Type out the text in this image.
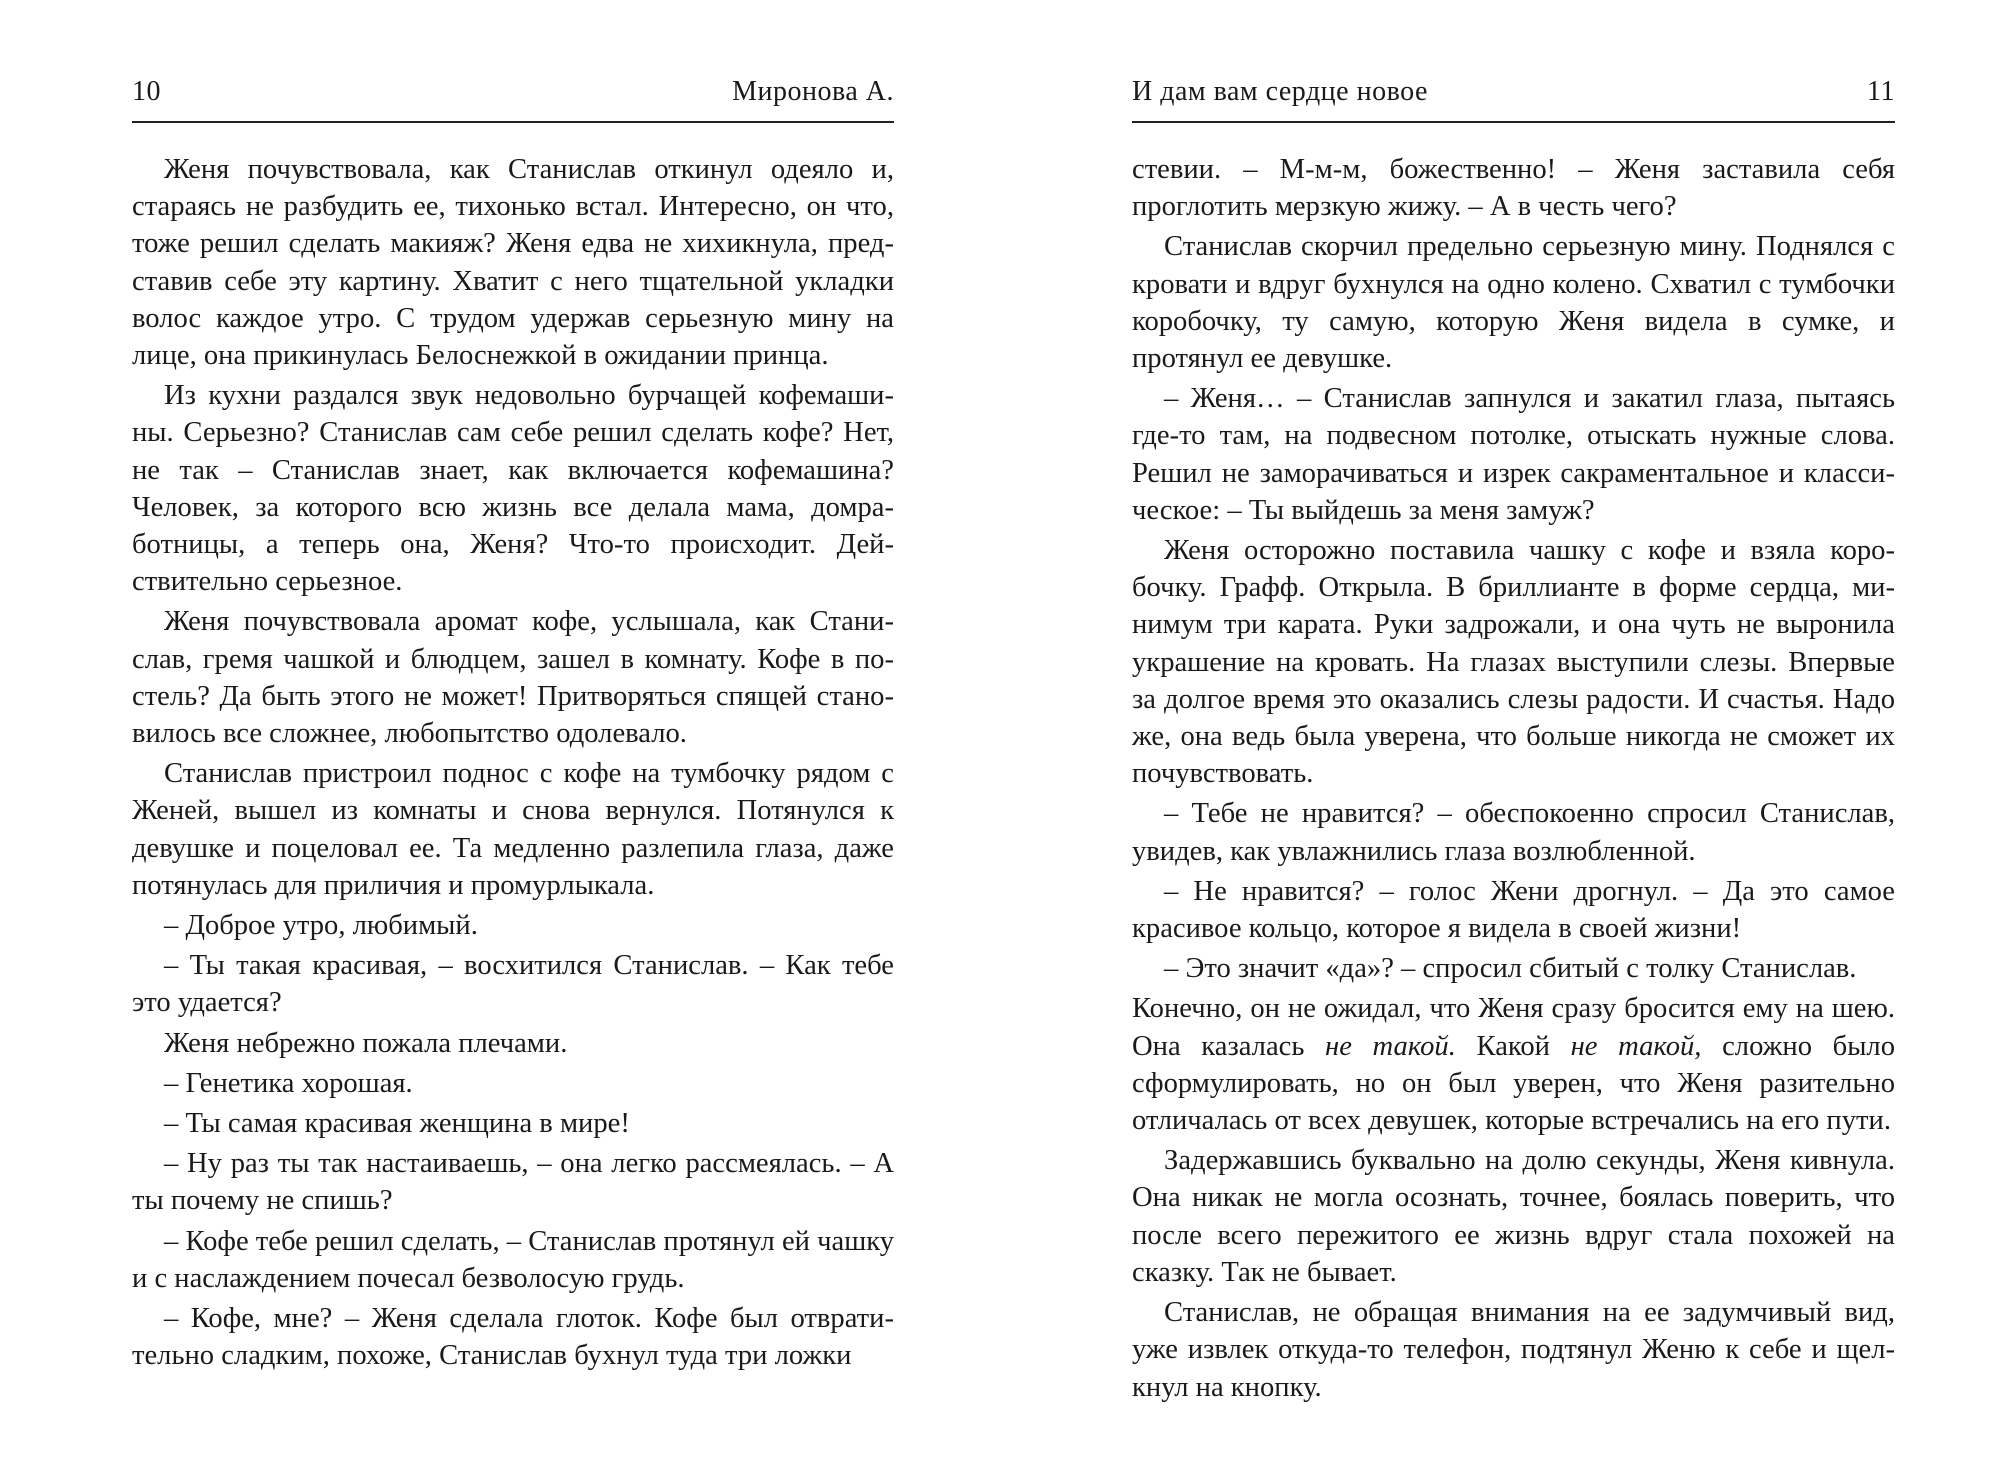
10	Миронова А.

Женя почувствовала, как Станислав откинул одеяло и, стараясь не разбудить ее, тихонько встал. Интересно, он что, тоже решил сделать макияж? Женя едва не хихикнула, представив себе эту картину. Хватит с него тщательной укладки волос каждое утро. С трудом удержав серьезную мину на лице, она прикинулась Белоснежкой в ожидании принца.

Из кухни раздался звук недовольно бурчащей кофемашины. Серьезно? Станислав сам себе решил сделать кофе? Нет, не так – Станислав знает, как включается кофемашина? Человек, за которого всю жизнь все делала мама, домработницы, а теперь она, Женя? Что-то происходит. Действительно серьезное.

Женя почувствовала аромат кофе, услышала, как Станислав, гремя чашкой и блюдцем, зашел в комнату. Кофе в постель? Да быть этого не может! Притворяться спящей становилось все сложнее, любопытство одолевало.

Станислав пристроил поднос с кофе на тумбочку рядом с Женей, вышел из комнаты и снова вернулся. Потянулся к девушке и поцеловал ее. Та медленно разлепила глаза, даже потянулась для приличия и промурлыкала.

– Доброе утро, любимый.

– Ты такая красивая, – восхитился Станислав. – Как тебе это удается?

Женя небрежно пожала плечами.

– Генетика хорошая.

– Ты самая красивая женщина в мире!

– Ну раз ты так настаиваешь, – она легко рассмеялась. – А ты почему не спишь?

– Кофе тебе решил сделать, – Станислав протянул ей чашку и с наслаждением почесал безволосую грудь.

– Кофе, мне? – Женя сделала глоток. Кофе был отвратительно сладким, похоже, Станислав бухнул туда три ложки

И дам вам сердце новое	11

стевии. – М-м-м, божественно! – Женя заставила себя проглотить мерзкую жижу. – А в честь чего?

Станислав скорчил предельно серьезную мину. Поднялся с кровати и вдруг бухнулся на одно колено. Схватил с тумбочки коробочку, ту самую, которую Женя видела в сумке, и протянул ее девушке.

– Женя… – Станислав запнулся и закатил глаза, пытаясь где-то там, на подвесном потолке, отыскать нужные слова. Решил не заморачиваться и изрек сакраментальное и классическое: – Ты выйдешь за меня замуж?

Женя осторожно поставила чашку с кофе и взяла коробочку. Графф. Открыла. В бриллианте в форме сердца, минимум три карата. Руки задрожали, и она чуть не выронила украшение на кровать. На глазах выступили слезы. Впервые за долгое время это оказались слезы радости. И счастья. Надо же, она ведь была уверена, что больше никогда не сможет их почувствовать.

– Тебе не нравится? – обеспокоенно спросил Станислав, увидев, как увлажнились глаза возлюбленной.

– Не нравится? – голос Жени дрогнул. – Да это самое красивое кольцо, которое я видела в своей жизни!

– Это значит «да»? – спросил сбитый с толку Станислав.

Конечно, он не ожидал, что Женя сразу бросится ему на шею. Она казалась не такой. Какой не такой, сложно было сформулировать, но он был уверен, что Женя разительно отличалась от всех девушек, которые встречались на его пути.

Задержавшись буквально на долю секунды, Женя кивнула. Она никак не могла осознать, точнее, боялась поверить, что после всего пережитого ее жизнь вдруг стала похожей на сказку. Так не бывает.

Станислав, не обращая внимания на ее задумчивый вид, уже извлек откуда-то телефон, подтянул Женю к себе и щелкнул на кнопку.
